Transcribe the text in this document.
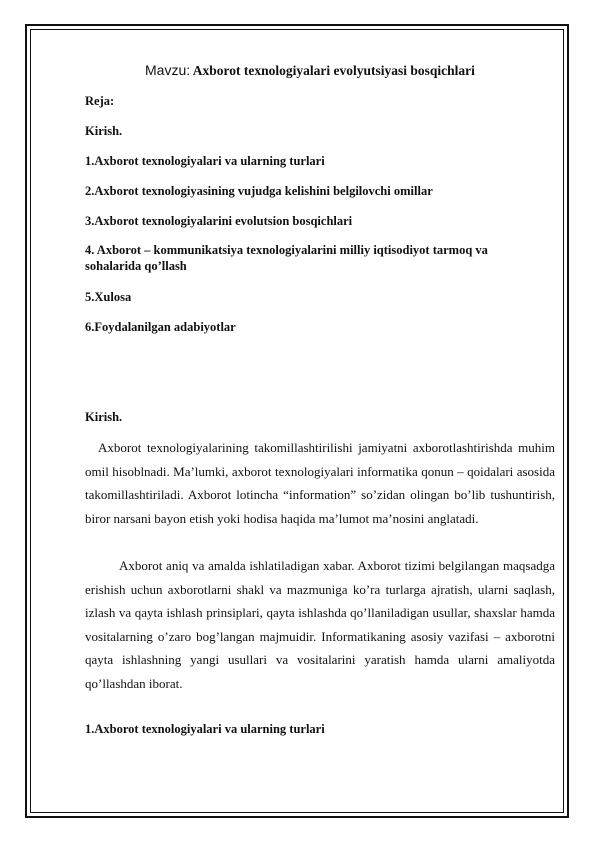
Mavzu: Axborot texnologiyalari evolyutsiyasi bosqichlari
Reja:
Kirish.
1.Axborot texnologiyalari va ularning turlari
2.Axborot texnologiyasining vujudga kelishini belgilovchi omillar
3.Axborot texnologiyalarini evolutsion bosqichlari
4. Axborot – kommunikatsiya texnologiyalarini milliy iqtisodiyot tarmoq va sohalarida qo’llash
5.Xulosa
6.Foydalanilgan adabiyotlar
Kirish.
Axborot texnologiyalarining takomillashtirilishi jamiyatni axborotlashtirishda muhim omil hisoblnadi. Ma’lumki, axborot texnologiyalari informatika qonun – qoidalari asosida takomillashtiriladi. Axborot lotincha “information” so’zidan olingan bo’lib tushuntirish, biror narsani bayon etish yoki hodisa haqida ma’lumot ma’nosini anglatadi.
Axborot aniq va amalda ishlatiladigan xabar. Axborot tizimi belgilangan maqsadga erishish uchun axborotlarni shakl va mazmuniga ko’ra turlarga ajratish, ularni saqlash, izlash va qayta ishlash prinsiplari, qayta ishlashda qo’llaniladigan usullar, shaxslar hamda vositalarning o’zaro bog’langan majmuidir. Informatikaning asosiy vazifasi – axborotni qayta ishlashning yangi usullari va vositalarini yaratish hamda ularni amaliyotda qo’llashdan iborat.
1.Axborot texnologiyalari va ularning turlari
